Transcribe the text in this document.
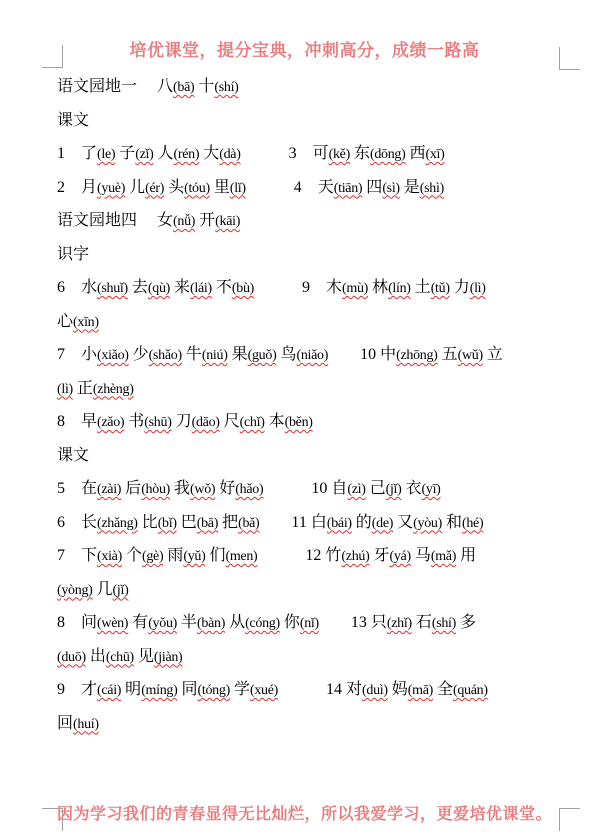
培优课堂，提分宝典，冲刺高分，成绩一路高
语文园地一　 八(bā) 十(shí)
课文
1　了(le) 子(zǐ) 人(rén) 大(dà)　　　3　可(kě) 东(dōng) 西(xī)
2　月(yuè) 儿(ér) 头(tóu) 里(lǐ)　　　4　天(tiān) 四(sì) 是(shì)
语文园地四　 女(nǚ) 开(kāi)
识字
6　水(shuǐ) 去(qù) 来(lái) 不(bù)　　　9　木(mù) 林(lín) 土(tǔ) 力(lì)
心(xīn)
7　小(xiǎo) 少(shǎo) 牛(niú) 果(guǒ) 鸟(niǎo)　　10 中(zhōng) 五(wǔ) 立
(lì) 正(zhèng)
8　早(zǎo) 书(shū) 刀(dāo) 尺(chǐ) 本(běn)
课文
5　在(zài) 后(hòu) 我(wǒ) 好(hǎo)　　　10 自(zì) 己(jǐ) 衣(yī)
6　长(zhǎng) 比(bǐ) 巴(bā) 把(bǎ)　　11 白(bái) 的(de) 又(yòu) 和(hé)
7　下(xià) 个(gè) 雨(yǔ) 们(men)　　　12 竹(zhú) 牙(yá) 马(mǎ) 用
(yòng) 几(jǐ)
8　问(wèn) 有(yǒu) 半(bàn) 从(cóng) 你(nǐ)　　13 只(zhǐ) 石(shí) 多
(duō) 出(chū) 见(jiàn)
9　才(cái) 明(míng) 同(tóng) 学(xué)　　　14 对(duì) 妈(mā) 全(quán)
回(huí)
因为学习我们的青春显得无比灿烂，所以我爱学习，更爱培优课堂。
